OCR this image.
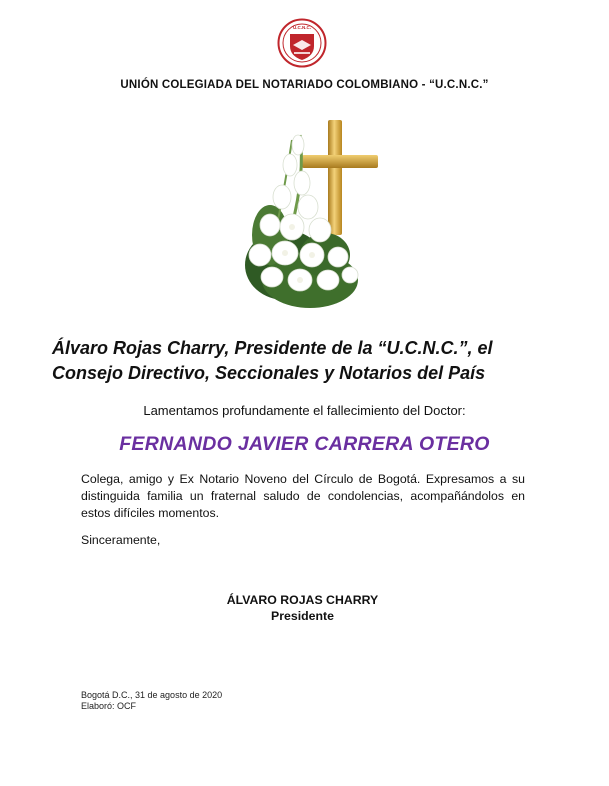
U.C.N.C.
UNIÓN COLEGIADA DEL NOTARIADO COLOMBIANO - “U.C.N.C.”
Álvaro Rojas Charry, Presidente de la “U.C.N.C.”, el
Consejo Directivo, Seccionales y Notarios del País
Lamentamos profundamente el fallecimiento del Doctor:
FERNANDO JAVIER CARRERA OTERO
Colega, amigo y Ex Notario Noveno del Círculo de Bogotá. Expresamos a su distinguida familia un fraternal saludo de condolencias, acompañándolos en estos difíciles momentos.
Sinceramente,
ÁLVARO ROJAS CHARRY
Presidente
Bogotá D.C., 31 de agosto de 2020
Elaboró: OCF
